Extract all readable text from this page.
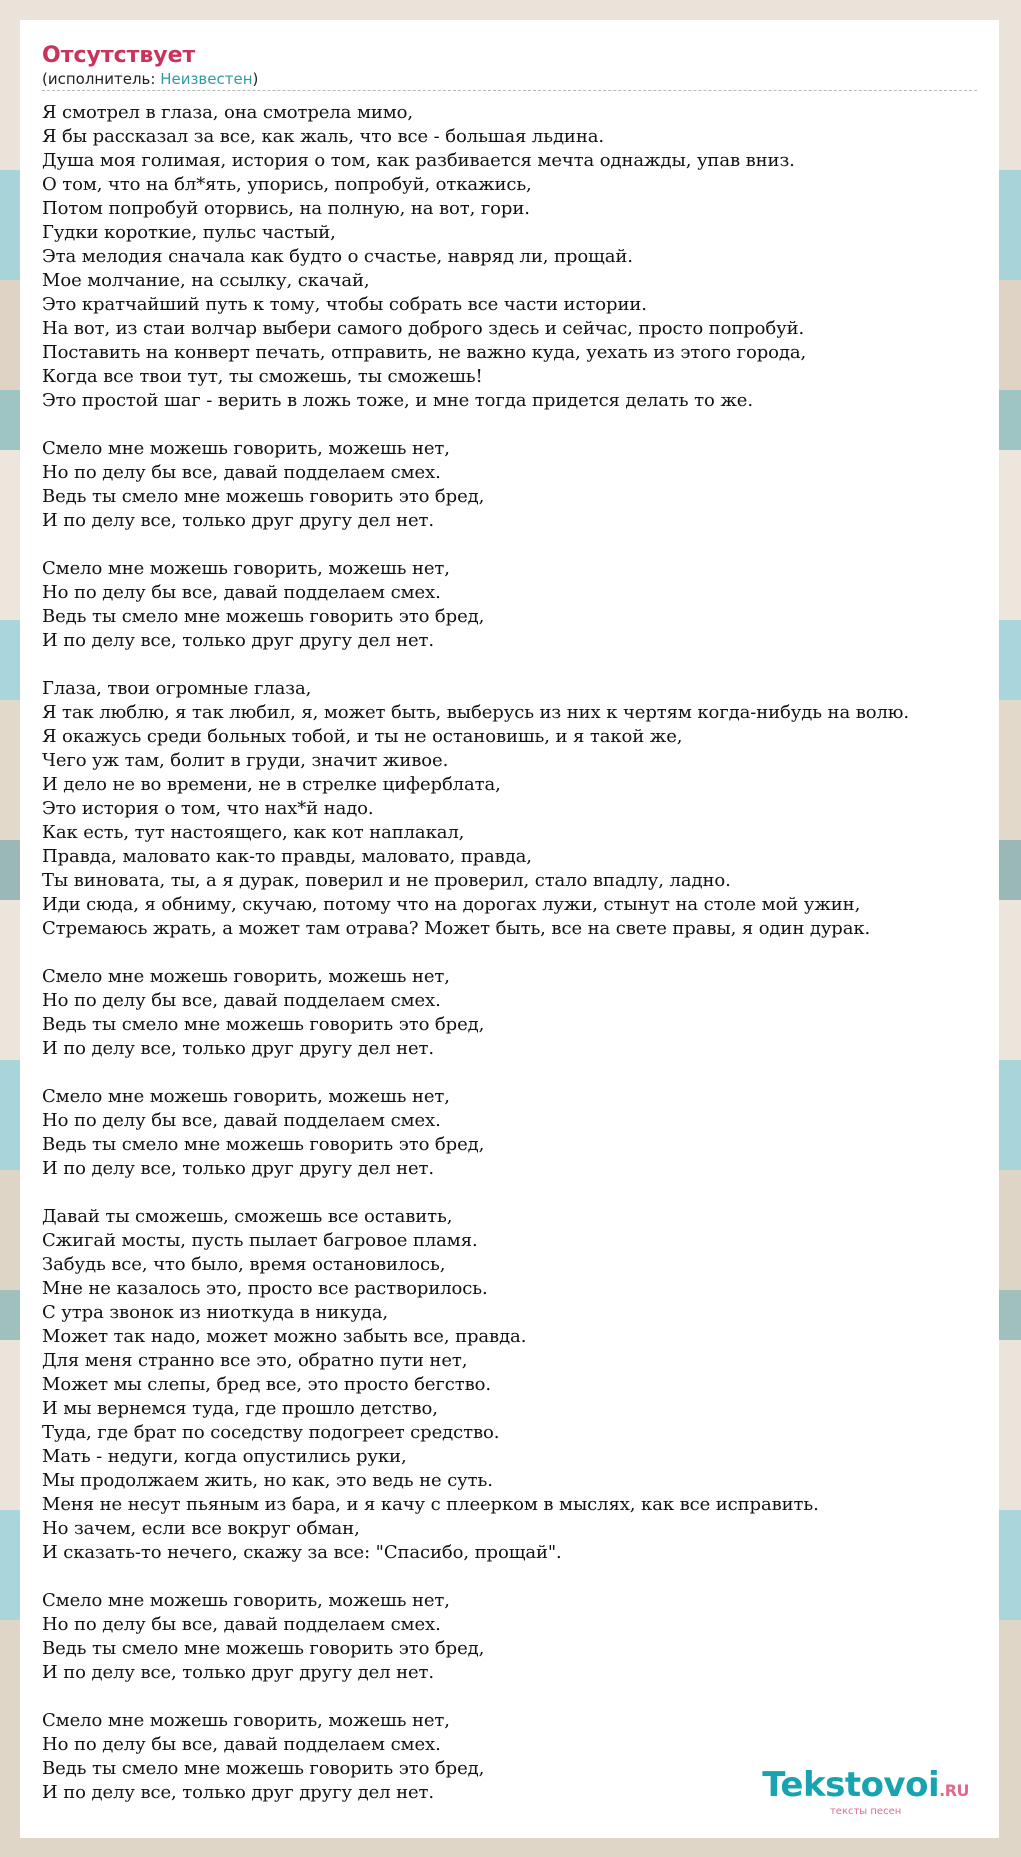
Отсутствует
(исполнитель: Неизвестен)
Я смотрел в глаза, она смотрела мимо,
Я бы рассказал за все, как жаль, что все - большая льдина.
Душа моя голимая, история о том, как разбивается мечта однажды, упав вниз.
О том, что на бл*ять, упорись, попробуй, откажись,
Потом попробуй оторвись, на полную, на вот, гори.
Гудки короткие, пульс частый,
Эта мелодия сначала как будто о счастье, навряд ли, прощай.
Мое молчание, на ссылку, скачай,
Это кратчайший путь к тому, чтобы собрать все части истории.
На вот, из стаи волчар выбери самого доброго здесь и сейчас, просто попробуй.
Поставить на конверт печать, отправить, не важно куда, уехать из этого города,
Когда все твои тут, ты сможешь, ты сможешь!
Это простой шаг - верить в ложь тоже, и мне тогда придется делать то же.

Смело мне можешь говорить, можешь нет,
Но по делу бы все, давай подделаем смех.
Ведь ты смело мне можешь говорить это бред,
И по делу все, только друг другу дел нет.

Смело мне можешь говорить, можешь нет,
Но по делу бы все, давай подделаем смех.
Ведь ты смело мне можешь говорить это бред,
И по делу все, только друг другу дел нет.

Глаза, твои огромные глаза,
Я так люблю, я так любил, я, может быть, выберусь из них к чертям когда-нибудь на волю.
Я окажусь среди больных тобой, и ты не остановишь, и я такой же,
Чего уж там, болит в груди, значит живое.
И дело не во времени, не в стрелке циферблата,
Это история о том, что нах*й надо.
Как есть, тут настоящего, как кот наплакал,
Правда, маловато как-то правды, маловато, правда,
Ты виновата, ты, а я дурак, поверил и не проверил, стало впадлу, ладно.
Иди сюда, я обниму, скучаю, потому что на дорогах лужи, стынут на столе мой ужин,
Стремаюсь жрать, а может там отрава? Может быть, все на свете правы, я один дурак.

Смело мне можешь говорить, можешь нет,
Но по делу бы все, давай подделаем смех.
Ведь ты смело мне можешь говорить это бред,
И по делу все, только друг другу дел нет.

Смело мне можешь говорить, можешь нет,
Но по делу бы все, давай подделаем смех.
Ведь ты смело мне можешь говорить это бред,
И по делу все, только друг другу дел нет.

Давай ты сможешь, сможешь все оставить,
Сжигай мосты, пусть пылает багровое пламя.
Забудь все, что было, время остановилось,
Мне не казалось это, просто все растворилось.
С утра звонок из ниоткуда в никуда,
Может так надо, может можно забыть все, правда.
Для меня странно все это, обратно пути нет,
Может мы слепы, бред все, это просто бегство.
И мы вернемся туда, где прошло детство,
Туда, где брат по соседству подогреет средство.
Мать - недуги, когда опустились руки,
Мы продолжаем жить, но как, это ведь не суть.
Меня не несут пьяным из бара, и я качу с плеерком в мыслях, как все исправить.
Но зачем, если все вокруг обман,
И сказать-то нечего, скажу за все: "Спасибо, прощай".

Смело мне можешь говорить, можешь нет,
Но по делу бы все, давай подделаем смех.
Ведь ты смело мне можешь говорить это бред,
И по делу все, только друг другу дел нет.

Смело мне можешь говорить, можешь нет,
Но по делу бы все, давай подделаем смех.
Ведь ты смело мне можешь говорить это бред,
И по делу все, только друг другу дел нет.	Tekstovoi.RU
тексты песен
